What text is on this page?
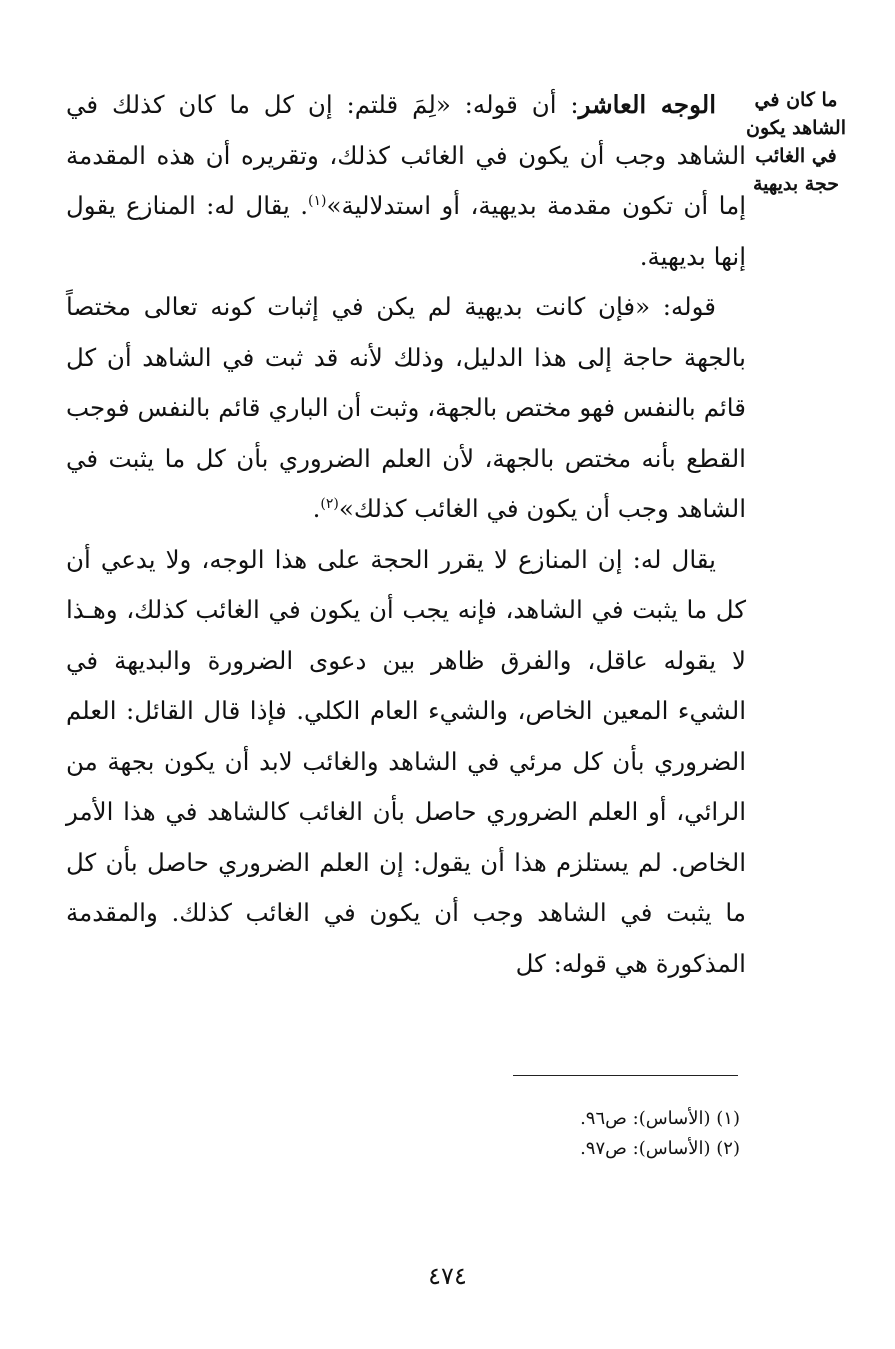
ما كان في
الشاهد يكون
في الغائب
حجة بديهية

الوجه العاشر: أن قوله: «لِمَ قلتم: إن كل ما كان كذلك في الشاهد وجب أن يكون في الغائب كذلك، وتقريره أن هذه المقدمة إما أن تكون مقدمة بديهية، أو استدلالية»$^{(١)}$. يقال له: المنازع يقول إنها بديهية.

قوله: «فإن كانت بديهية لم يكن في إثبات كونه تعالى مختصاً بالجهة حاجة إلى هذا الدليل، وذلك لأنه قد ثبت في الشاهد أن كل قائم بالنفس فهو مختص بالجهة، وثبت أن الباري قائم بالنفس فوجب القطع بأنه مختص بالجهة، لأن العلم الضروري بأن كل ما يثبت في الشاهد وجب أن يكون في الغائب كذلك»$^{(٢)}$.

يقال له: إن المنازع لا يقرر الحجة على هذا الوجه، ولا يدعي أن كل ما يثبت في الشاهد، فإنه يجب أن يكون في الغائب كذلك، وهـذا لا يقوله عاقل، والفرق ظاهر بين دعوى الضرورة والبديهة في الشيء المعين الخاص، والشيء العام الكلي. فإذا قال القائل: العلم الضروري بأن كل مرئي في الشاهد والغائب لابد أن يكون بجهة من الرائي، أو العلم الضروري حاصل بأن الغائب كالشاهد في هذا الأمر الخاص. لم يستلزم هذا أن يقول: إن العلم الضروري حاصل بأن كل ما يثبت في الشاهد وجب أن يكون في الغائب كذلك. والمقدمة المذكورة هي قوله: كل

(١) (الأساس): ص٩٦.
(٢) (الأساس): ص٩٧.
٤٧٤
